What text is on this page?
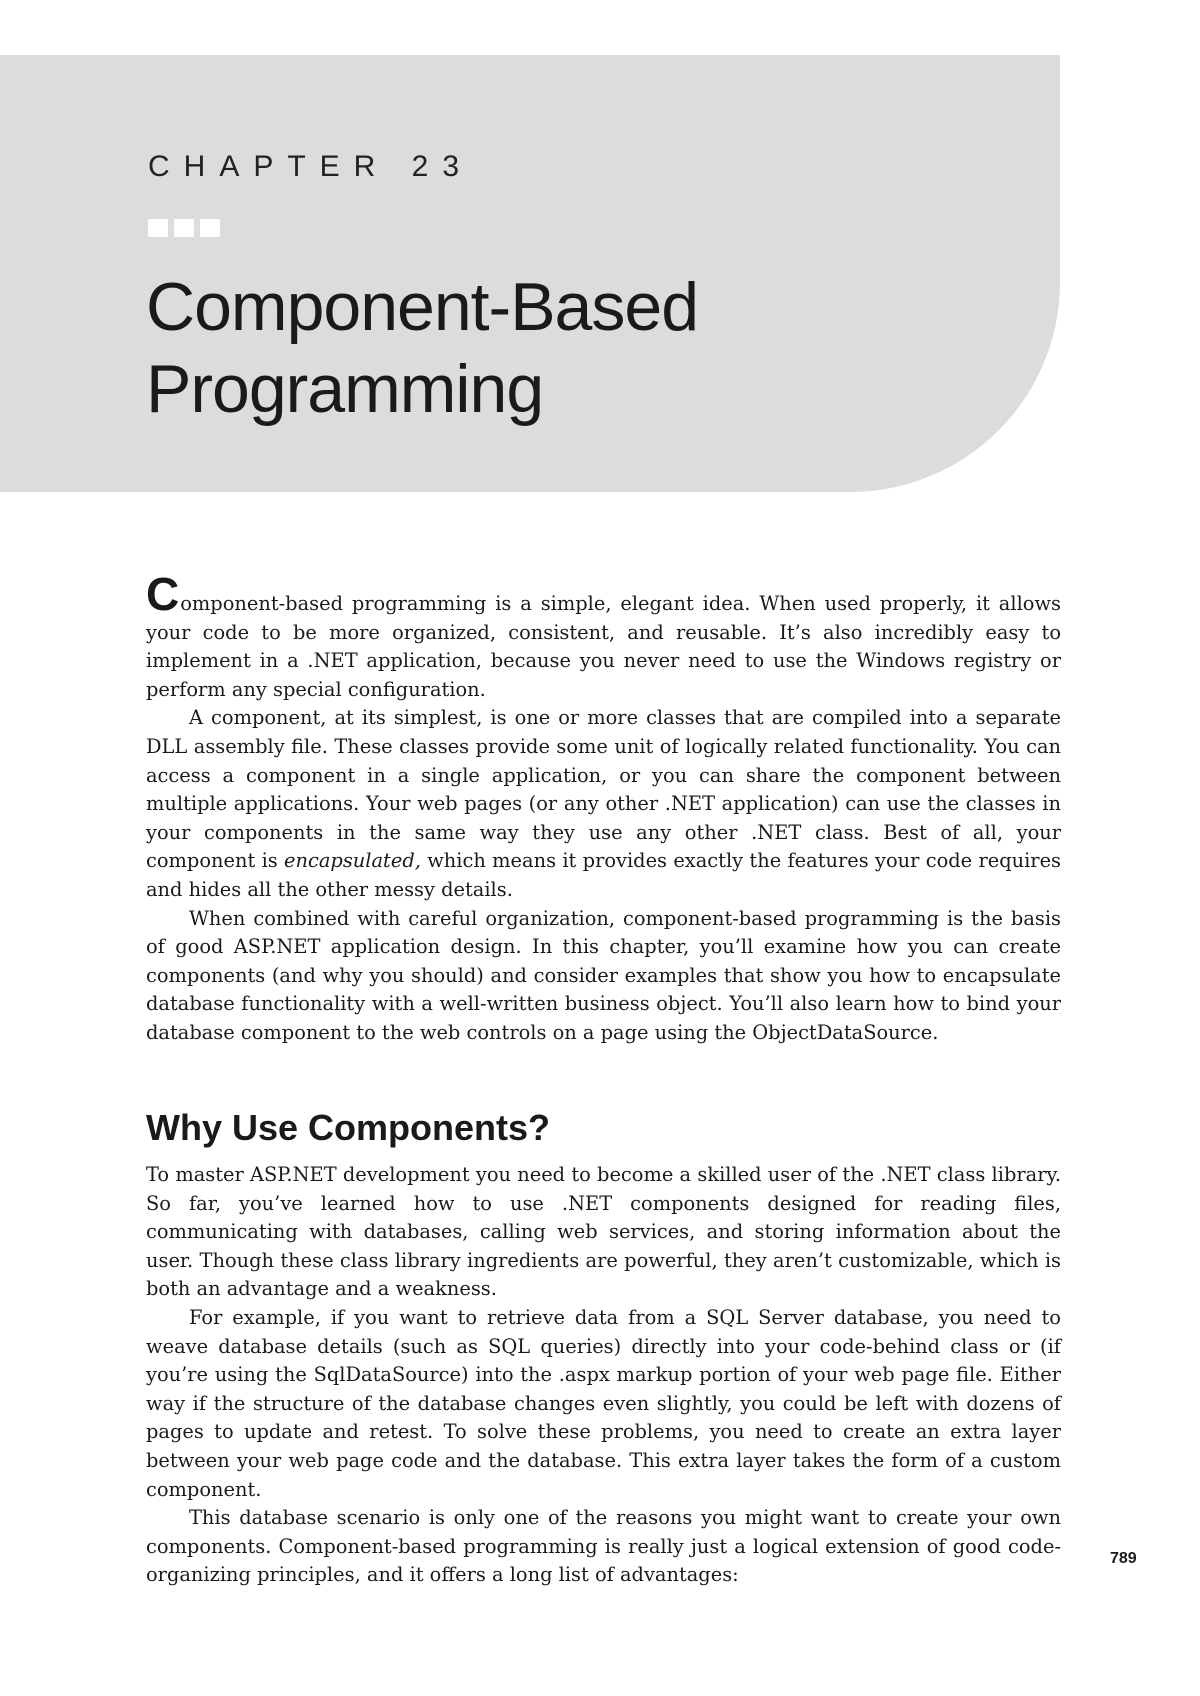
CHAPTER 23

Component-Based
Programming

Component-based programming is a simple, elegant idea. When used properly, it allows your code to be more organized, consistent, and reusable. It’s also incredibly easy to implement in a .NET application, because you never need to use the Windows registry or perform any special configuration.

A component, at its simplest, is one or more classes that are compiled into a separate DLL assembly file. These classes provide some unit of logically related functionality. You can access a component in a single application, or you can share the component between multiple applications. Your web pages (or any other .NET application) can use the classes in your components in the same way they use any other .NET class. Best of all, your component is encapsulated, which means it provides exactly the features your code requires and hides all the other messy details.

When combined with careful organization, component-based programming is the basis of good ASP.NET application design. In this chapter, you’ll examine how you can create components (and why you should) and consider examples that show you how to encapsulate database functionality with a well-written business object. You’ll also learn how to bind your database component to the web controls on a page using the ObjectDataSource.

Why Use Components?

To master ASP.NET development you need to become a skilled user of the .NET class library. So far, you’ve learned how to use .NET components designed for reading files, communicating with databases, calling web services, and storing information about the user. Though these class library ingredients are powerful, they aren’t customizable, which is both an advantage and a weakness.

For example, if you want to retrieve data from a SQL Server database, you need to weave database details (such as SQL queries) directly into your code-behind class or (if you’re using the SqlDataSource) into the .aspx markup portion of your web page file. Either way if the structure of the database changes even slightly, you could be left with dozens of pages to update and retest. To solve these problems, you need to create an extra layer between your web page code and the database. This extra layer takes the form of a custom component.

This database scenario is only one of the reasons you might want to create your own components. Component-based programming is really just a logical extension of good code-organizing principles, and it offers a long list of advantages:

789
